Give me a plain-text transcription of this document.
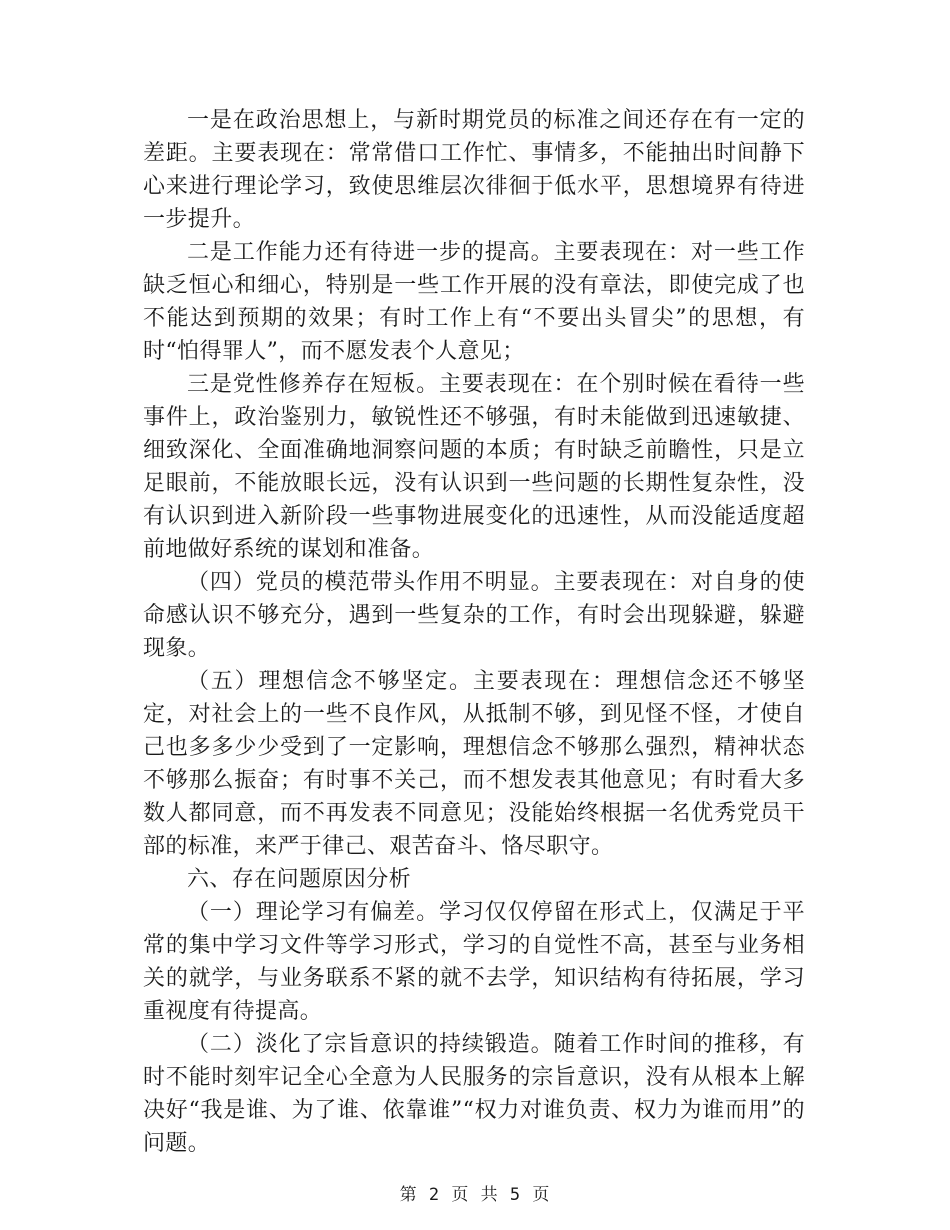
一是在政治思想上，与新时期党员的标准之间还存在有一定的差距。主要表现在：常常借口工作忙、事情多，不能抽出时间静下心来进行理论学习，致使思维层次徘徊于低水平，思想境界有待进一步提升。

二是工作能力还有待进一步的提高。主要表现在：对一些工作缺乏恒心和细心，特别是一些工作开展的没有章法，即使完成了也不能达到预期的效果；有时工作上有“不要出头冒尖”的思想，有时“怕得罪人”，而不愿发表个人意见；

三是党性修养存在短板。主要表现在：在个别时候在看待一些事件上，政治鉴别力，敏锐性还不够强，有时未能做到迅速敏捷、细致深化、全面准确地洞察问题的本质；有时缺乏前瞻性，只是立足眼前，不能放眼长远，没有认识到一些问题的长期性复杂性，没有认识到进入新阶段一些事物进展变化的迅速性，从而没能适度超前地做好系统的谋划和准备。

（四）党员的模范带头作用不明显。主要表现在：对自身的使命感认识不够充分，遇到一些复杂的工作，有时会出现躲避，躲避现象。

（五）理想信念不够坚定。主要表现在：理想信念还不够坚定，对社会上的一些不良作风，从抵制不够，到见怪不怪，才使自己也多多少少受到了一定影响，理想信念不够那么强烈，精神状态不够那么振奋；有时事不关己，而不想发表其他意见；有时看大多数人都同意，而不再发表不同意见；没能始终根据一名优秀党员干部的标准，来严于律己、艰苦奋斗、恪尽职守。

六、存在问题原因分析

（一）理论学习有偏差。学习仅仅停留在形式上，仅满足于平常的集中学习文件等学习形式，学习的自觉性不高，甚至与业务相关的就学，与业务联系不紧的就不去学，知识结构有待拓展，学习重视度有待提高。

（二）淡化了宗旨意识的持续锻造。随着工作时间的推移，有时不能时刻牢记全心全意为人民服务的宗旨意识，没有从根本上解决好“我是谁、为了谁、依靠谁”“权力对谁负责、权力为谁而用”的问题。

第 2 页 共 5 页
